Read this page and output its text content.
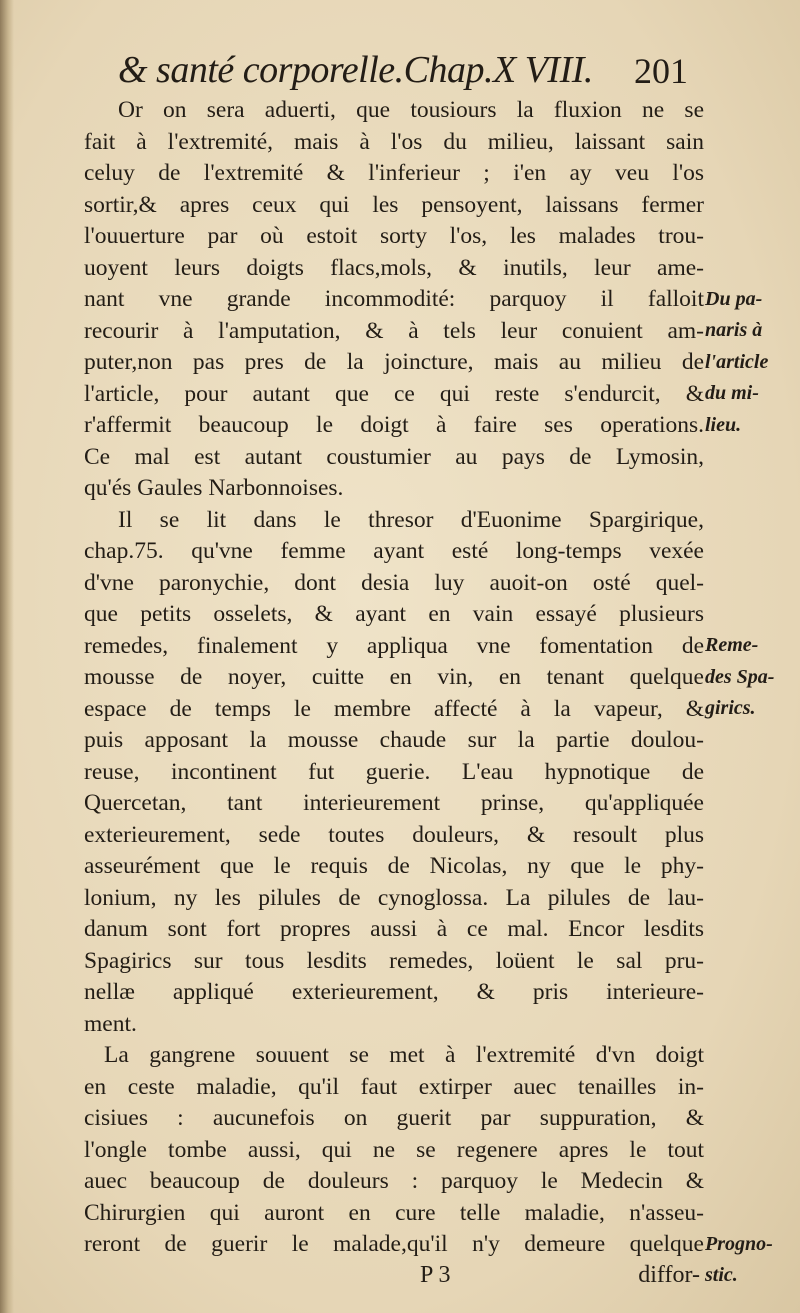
& santé corporelle.Chap.X VIII. 201
Or on sera aduerti, que tousiours la fluxion ne se
fait à l'extremité, mais à l'os du milieu, laissant sain
celuy de l'extremité & l'inferieur ; i'en ay veu l'os
sortir,& apres ceux qui les pensoyent, laissans fermer
l'ouuerture par où estoit sorty l'os, les malades trou-
uoyent leurs doigts flacs,mols, & inutils, leur ame-
nant vne grande incommodité: parquoy il falloit
recourir à l'amputation, & à tels leur conuient am-
puter,non pas pres de la joincture, mais au milieu de
l'article, pour autant que ce qui reste s'endurcit, &
r'affermit beaucoup le doigt à faire ses operations.
Ce mal est autant coustumier au pays de Lymosin,
qu'és Gaules Narbonnoises.
Il se lit dans le thresor d'Euonime Spargirique,
chap.75. qu'vne femme ayant esté long-temps vexée
d'vne paronychie, dont desia luy auoit-on osté quel-
que petits osselets, & ayant en vain essayé plusieurs
remedes, finalement y appliqua vne fomentation de
mousse de noyer, cuitte en vin, en tenant quelque
espace de temps le membre affecté à la vapeur, &
puis apposant la mousse chaude sur la partie doulou-
reuse, incontinent fut guerie. L'eau hypnotique de
Quercetan, tant interieurement prinse, qu'appliquée
exterieurement, sede toutes douleurs, & resoult plus
asseurément que le requis de Nicolas, ny que le phy-
lonium, ny les pilules de cynoglossa. La pilules de lau-
danum sont fort propres aussi à ce mal. Encor lesdits
Spagirics sur tous lesdits remedes, loüent le sal pru-
nellæ appliqué exterieurement, & pris interieure-
ment.
La gangrene souuent se met à l'extremité d'vn doigt
en ceste maladie, qu'il faut extirper auec tenailles in-
cisiues : aucunefois on guerit par suppuration, &
l'ongle tombe aussi, qui ne se regenere apres le tout
auec beaucoup de douleurs : parquoy le Medecin &
Chirurgien qui auront en cure telle maladie, n'asseu-
reront de guerir le malade,qu'il n'y demeure quelque
Du pa-
naris à
l'article
du mi-
lieu.
Reme-
des Spa-
girics.
Progno-
stic.
P 3	diffor-
